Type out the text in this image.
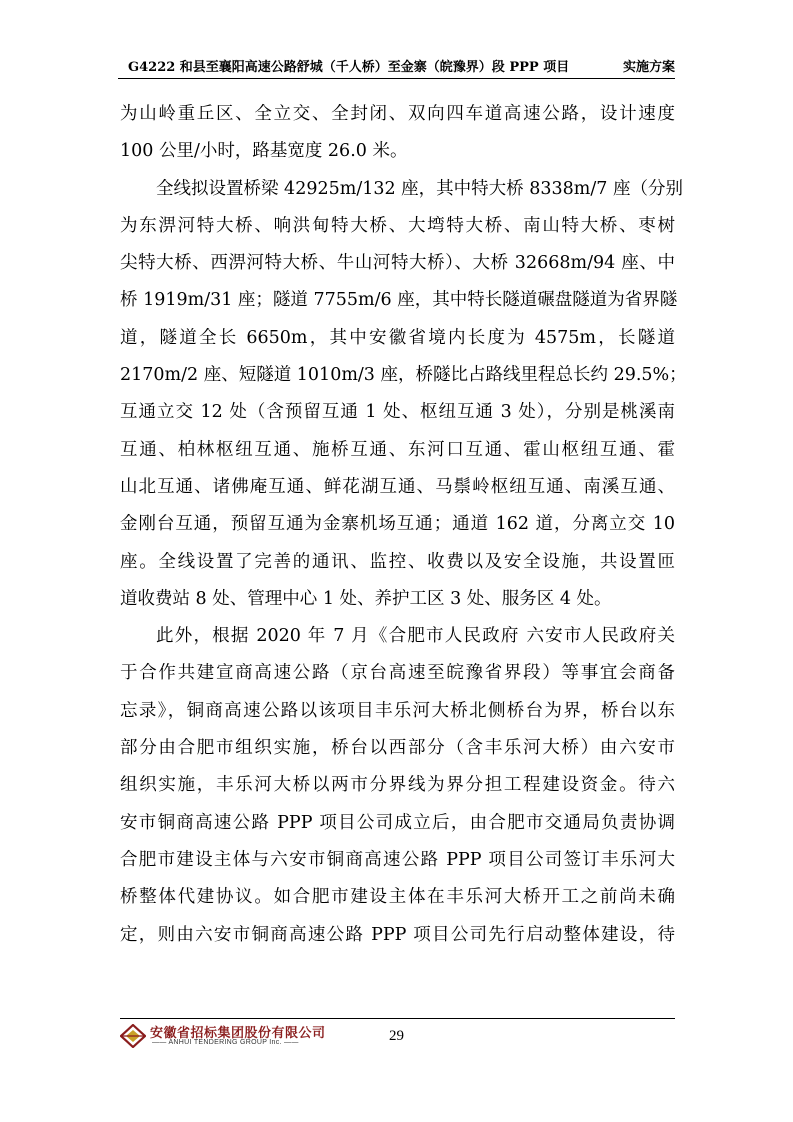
G4222 和县至襄阳高速公路舒城（千人桥）至金寨（皖豫界）段 PPP 项目	实施方案
为山岭重丘区、全立交、全封闭、双向四车道高速公路，设计速度
100 公里/小时，路基宽度 26.0 米。
全线拟设置桥梁 42925m/132 座，其中特大桥 8338m/7 座（分别
为东淠河特大桥、响洪甸特大桥、大塆特大桥、南山特大桥、枣树
尖特大桥、西淠河特大桥、牛山河特大桥）、大桥 32668m/94 座、中
桥 1919m/31 座；隧道 7755m/6 座，其中特长隧道碾盘隧道为省界隧
道，隧道全长 6650m，其中安徽省境内长度为 4575m，长隧道
2170m/2 座、短隧道 1010m/3 座，桥隧比占路线里程总长约 29.5%；
互通立交 12 处（含预留互通 1 处、枢纽互通 3 处），分别是桃溪南
互通、柏林枢纽互通、施桥互通、东河口互通、霍山枢纽互通、霍
山北互通、诸佛庵互通、鲜花湖互通、马鬃岭枢纽互通、南溪互通、
金刚台互通，预留互通为金寨机场互通；通道 162 道，分离立交 10
座。全线设置了完善的通讯、监控、收费以及安全设施，共设置匝
道收费站 8 处、管理中心 1 处、养护工区 3 处、服务区 4 处。
此外，根据 2020 年 7 月《合肥市人民政府 六安市人民政府关
于合作共建宣商高速公路（京台高速至皖豫省界段）等事宜会商备
忘录》，铜商高速公路以该项目丰乐河大桥北侧桥台为界，桥台以东
部分由合肥市组织实施，桥台以西部分（含丰乐河大桥）由六安市
组织实施，丰乐河大桥以两市分界线为界分担工程建设资金。待六
安市铜商高速公路 PPP 项目公司成立后，由合肥市交通局负责协调
合肥市建设主体与六安市铜商高速公路 PPP 项目公司签订丰乐河大
桥整体代建协议。如合肥市建设主体在丰乐河大桥开工之前尚未确
定，则由六安市铜商高速公路 PPP 项目公司先行启动整体建设，待
安徽省招标集团股份有限公司
—— ANHUI TENDERING GROUP Inc. ——	29
